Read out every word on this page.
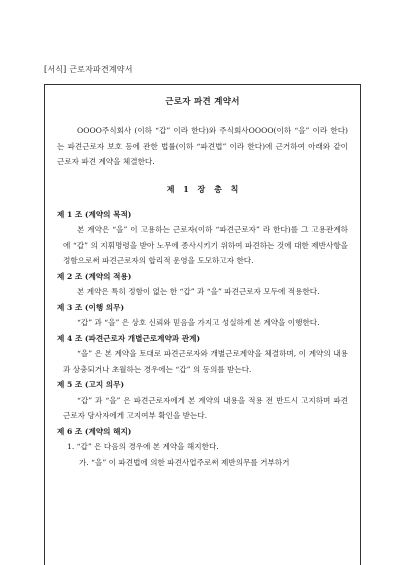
[서식] 근로자파견계약서
근로자 파견 계약서

OOOO주식회사 (이하 “갑” 이라 한다)와 주식회사OOOO(이하 “을” 이라 한다)는 파견근로자 보호 등에 관한 법률(이하 “파견법” 이라 한다)에 근거하여 아래와 같이 근로자 파견 계약을 체결한다.

제 1 장 총 칙

제 1 조 (계약의 목적)

본 계약은 “을” 이 고용하는 근로자(이하 “파견근로자” 라 한다)를 그 고용관계하에 “갑” 의 지휘명령을 받아 노무에 종사시키기 위하여 파견하는 것에 대한 제반사항을 정함으로써 파견근로자의 합리적 운영을 도모하고자 한다.

제 2 조 (계약의 적용)

본 계약은 특히 정함이 없는 한 “갑” 과 “을” 파견근로자 모두에 적용한다.

제 3 조 (이행 의무)

“갑” 과 “을” 은 상호 신뢰와 믿음을 가지고 성실하게 본 계약을 이행한다.

제 4 조 (파견근로자 개별근로계약과 관계)

“을” 은 본 계약을 토대로 파견근로자와 개별근로계약을 체결하며, 이 계약의 내용과 상충되거나 초월하는 경우에는 “갑” 의 동의를 받는다.

제 5 조 (고지 의무)

“갑” 과 “을” 은 파견근로자에게 본 계약의 내용을 적용 전 반드시 고지하며 파견근로자 당사자에게 고지여부 확인을 받는다.

제 6 조 (계약의 해지)

1. “갑” 은 다음의 경우에 본 계약을 해지한다.

가. “을” 이 파견법에 의한 파견사업주로써 제반의무를 거부하거
